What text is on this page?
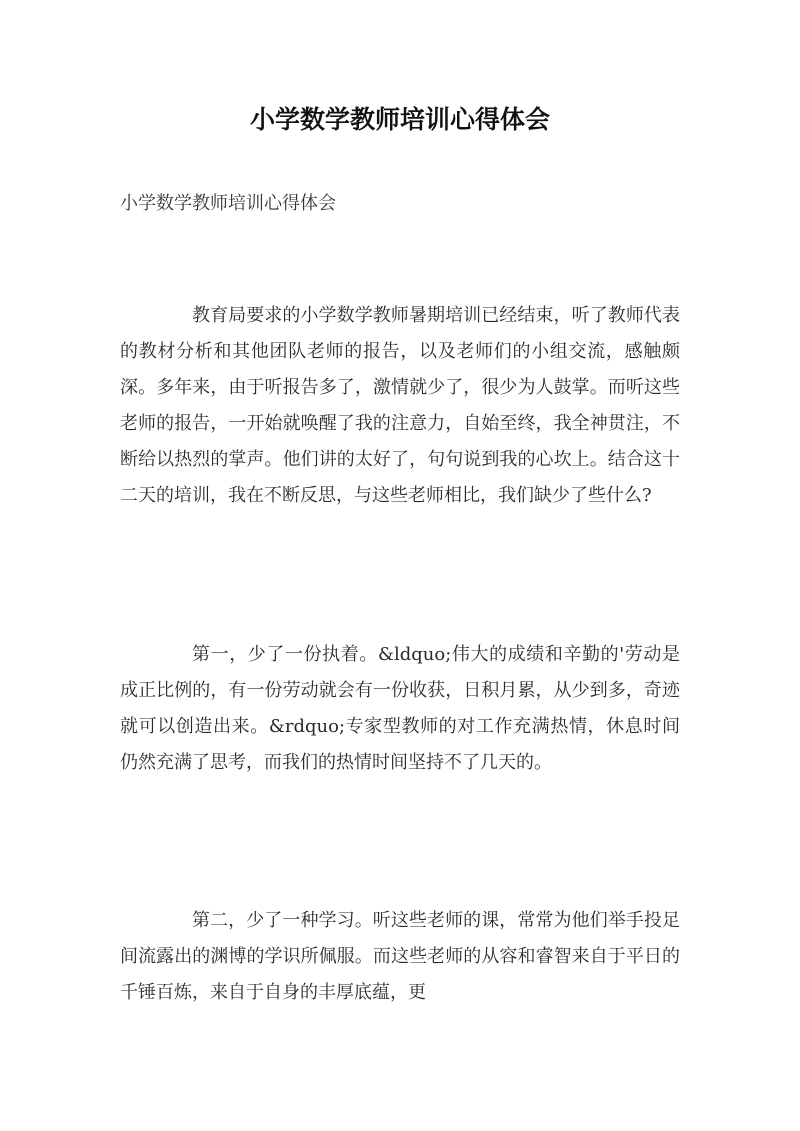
小学数学教师培训心得体会

小学数学教师培训心得体会

教育局要求的小学数学教师暑期培训已经结束，听了教师代表的教材分析和其他团队老师的报告，以及老师们的小组交流，感触颇深。多年来，由于听报告多了，激情就少了，很少为人鼓掌。而听这些老师的报告，一开始就唤醒了我的注意力，自始至终，我全神贯注，不断给以热烈的掌声。他们讲的太好了，句句说到我的心坎上。结合这十二天的培训，我在不断反思，与这些老师相比，我们缺少了些什么?

第一，少了一份执着。&ldquo;伟大的成绩和辛勤的'劳动是成正比例的，有一份劳动就会有一份收获，日积月累，从少到多，奇迹就可以创造出来。&rdquo;专家型教师的对工作充满热情，休息时间仍然充满了思考，而我们的热情时间坚持不了几天的。

第二，少了一种学习。听这些老师的课，常常为他们举手投足间流露出的渊博的学识所佩服。而这些老师的从容和睿智来自于平日的千锤百炼，来自于自身的丰厚底蕴，更
